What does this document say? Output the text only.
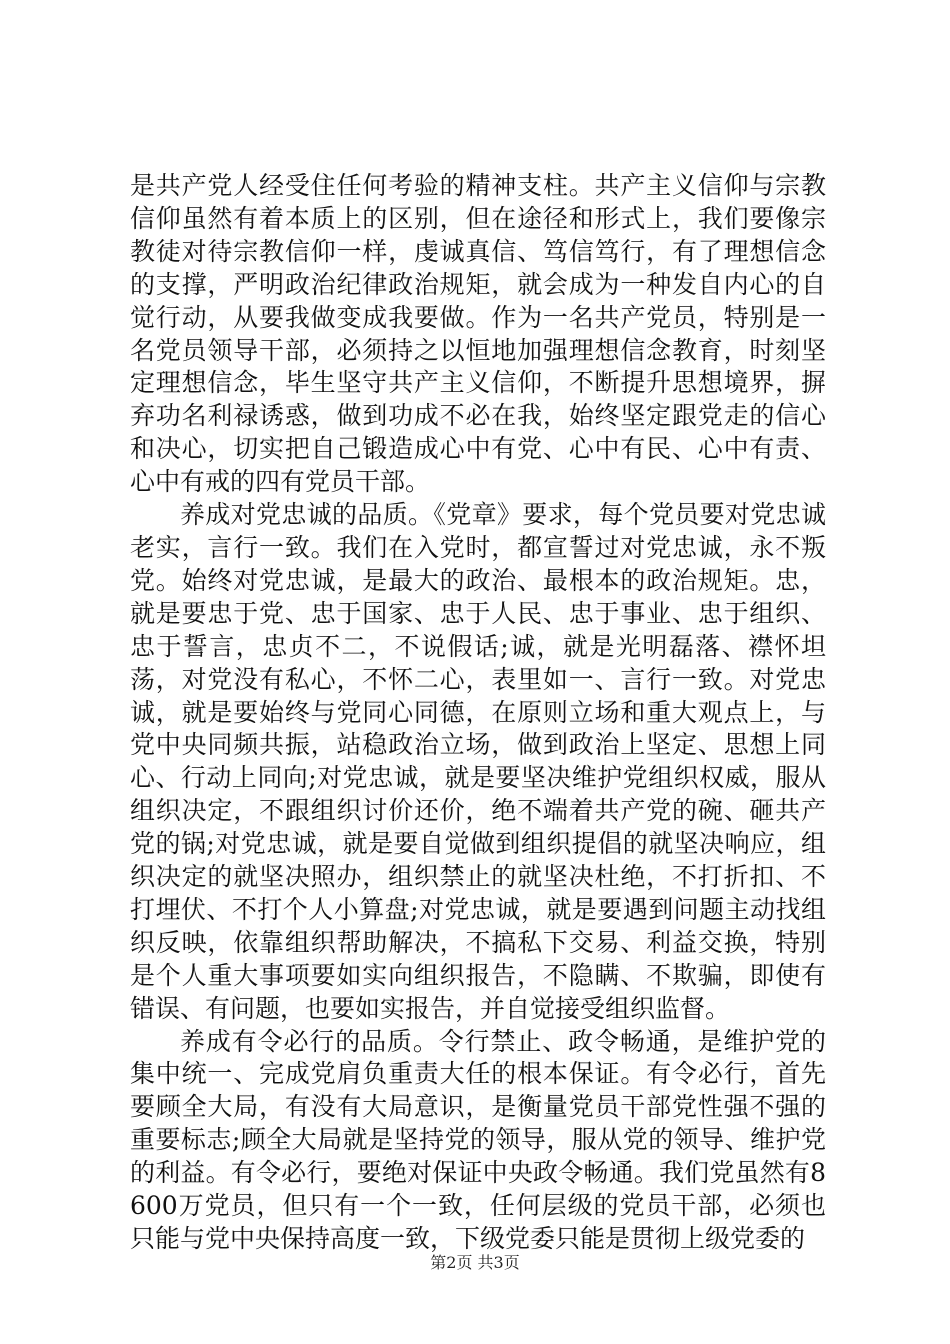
是共产党人经受住任何考验的精神支柱。共产主义信仰与宗教信仰虽然有着本质上的区别，但在途径和形式上，我们要像宗教徒对待宗教信仰一样，虔诚真信、笃信笃行，有了理想信念的支撑，严明政治纪律政治规矩，就会成为一种发自内心的自觉行动，从要我做变成我要做。作为一名共产党员，特别是一名党员领导干部，必须持之以恒地加强理想信念教育，时刻坚定理想信念，毕生坚守共产主义信仰，不断提升思想境界，摒弃功名利禄诱惑，做到功成不必在我，始终坚定跟党走的信心和决心，切实把自己锻造成心中有党、心中有民、心中有责、心中有戒的四有党员干部。

养成对党忠诚的品质。《党章》要求，每个党员要对党忠诚老实，言行一致。我们在入党时，都宣誓过对党忠诚，永不叛党。始终对党忠诚，是最大的政治、最根本的政治规矩。忠，就是要忠于党、忠于国家、忠于人民、忠于事业、忠于组织、忠于誓言，忠贞不二，不说假话;诚，就是光明磊落、襟怀坦荡，对党没有私心，不怀二心，表里如一、言行一致。对党忠诚，就是要始终与党同心同德，在原则立场和重大观点上，与党中央同频共振，站稳政治立场，做到政治上坚定、思想上同心、行动上同向;对党忠诚，就是要坚决维护党组织权威，服从组织决定，不跟组织讨价还价，绝不端着共产党的碗、砸共产党的锅;对党忠诚，就是要自觉做到组织提倡的就坚决响应，组织决定的就坚决照办，组织禁止的就坚决杜绝，不打折扣、不打埋伏、不打个人小算盘;对党忠诚，就是要遇到问题主动找组织反映，依靠组织帮助解决，不搞私下交易、利益交换，特别是个人重大事项要如实向组织报告，不隐瞒、不欺骗，即使有错误、有问题，也要如实报告，并自觉接受组织监督。

养成有令必行的品质。令行禁止、政令畅通，是维护党的集中统一、完成党肩负重责大任的根本保证。有令必行，首先要顾全大局，有没有大局意识，是衡量党员干部党性强不强的重要标志;顾全大局就是坚持党的领导，服从党的领导、维护党的利益。有令必行，要绝对保证中央政令畅通。我们党虽然有8600万党员，但只有一个一致，任何层级的党员干部，必须也只能与党中央保持高度一致，下级党委只能是贯彻上级党委的

第2页 共3页
